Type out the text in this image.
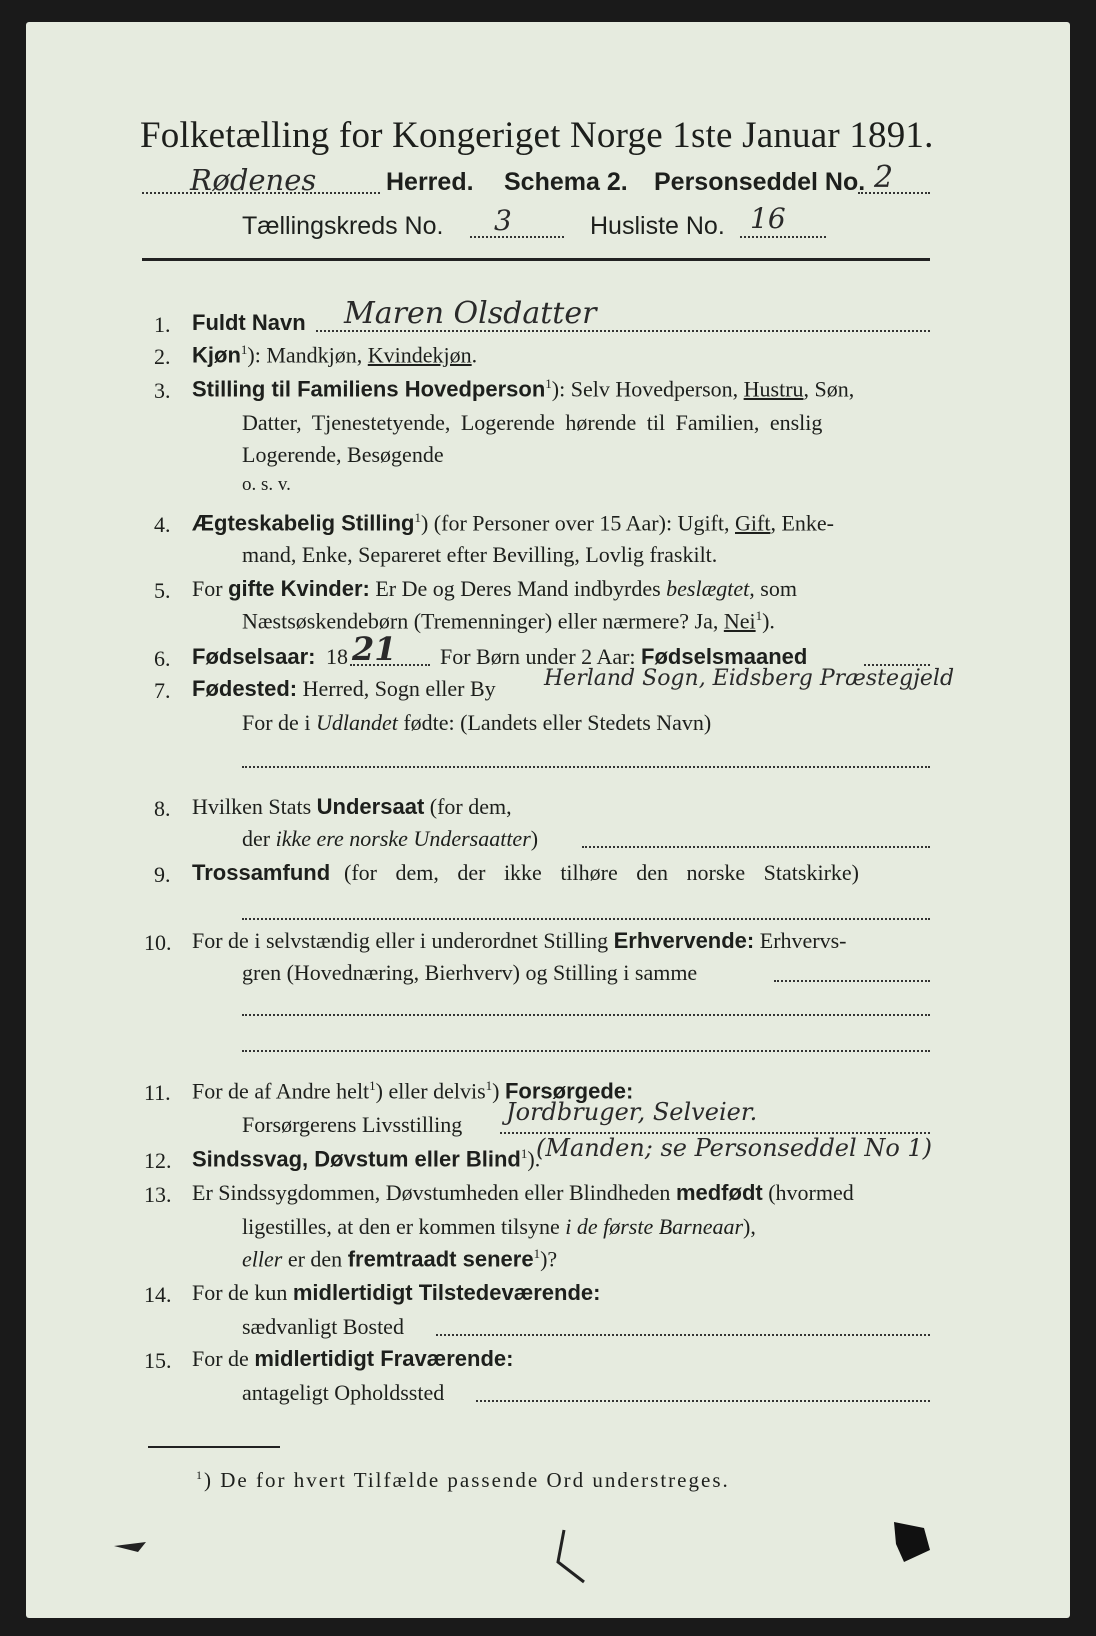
Folketælling for Kongeriget Norge 1ste Januar 1891.
Rødenes	Herred. Schema 2. Personseddel No. 2
Tællingskreds No. 3	Husliste No. 16
1. Fuldt Navn Maren Olsdatter
2. Kjøn$^1$): Mandkjøn, Kvindekjøn.
3. Stilling til Familiens Hovedperson$^1$): Selv Hovedperson, Hustru, Søn,
Datter, Tjenestetyende, Logerende hørende til Familien, enslig
Logerende, Besøgende
o. s. v.
4. Ægteskabelig Stilling$^1$) (for Personer over 15 Aar): Ugift, Gift, Enke-
mand, Enke, Separeret efter Bevilling, Lovlig fraskilt.
5. For gifte Kvinder: Er De og Deres Mand indbyrdes beslægtet, som
Næstsøskendebørn (Tremenninger) eller nærmere? Ja, Nei$^1$).
6. Fødselsaar: 18 21 For Børn under 2 Aar: Fødselsmaaned
7. Fødested: Herred, Sogn eller By Herland Sogn, Eidsberg Præstegjeld
For de i Udlandet fødte: (Landets eller Stedets Navn)
8. Hvilken Stats Undersaat (for dem,
der ikke ere norske Undersaatter)
9. Trossamfund (for dem, der ikke tilhøre den norske Statskirke)
10. For de i selvstændig eller i underordnet Stilling Erhvervende: Erhvervs-
gren (Hovednæring, Bierhverv) og Stilling i samme
11. For de af Andre helt$^1$) eller delvis$^1$) Forsørgede:
Forsørgerens Livsstilling Jordbruger, Selveier.
12. Sindssvag, Døvstum eller Blind$^1$).
(Manden; se Personseddel No 1)
13. Er Sindssygdommen, Døvstumheden eller Blindheden medfødt (hvormed
ligestilles, at den er kommen tilsyne i de første Barneaar),
eller er den fremtraadt senere$^1$)?
14. For de kun midlertidigt Tilstedeværende:
sædvanligt Bosted
15. For de midlertidigt Fraværende:
antageligt Opholdssted
$^1$) De for hvert Tilfælde passende Ord understreges.
